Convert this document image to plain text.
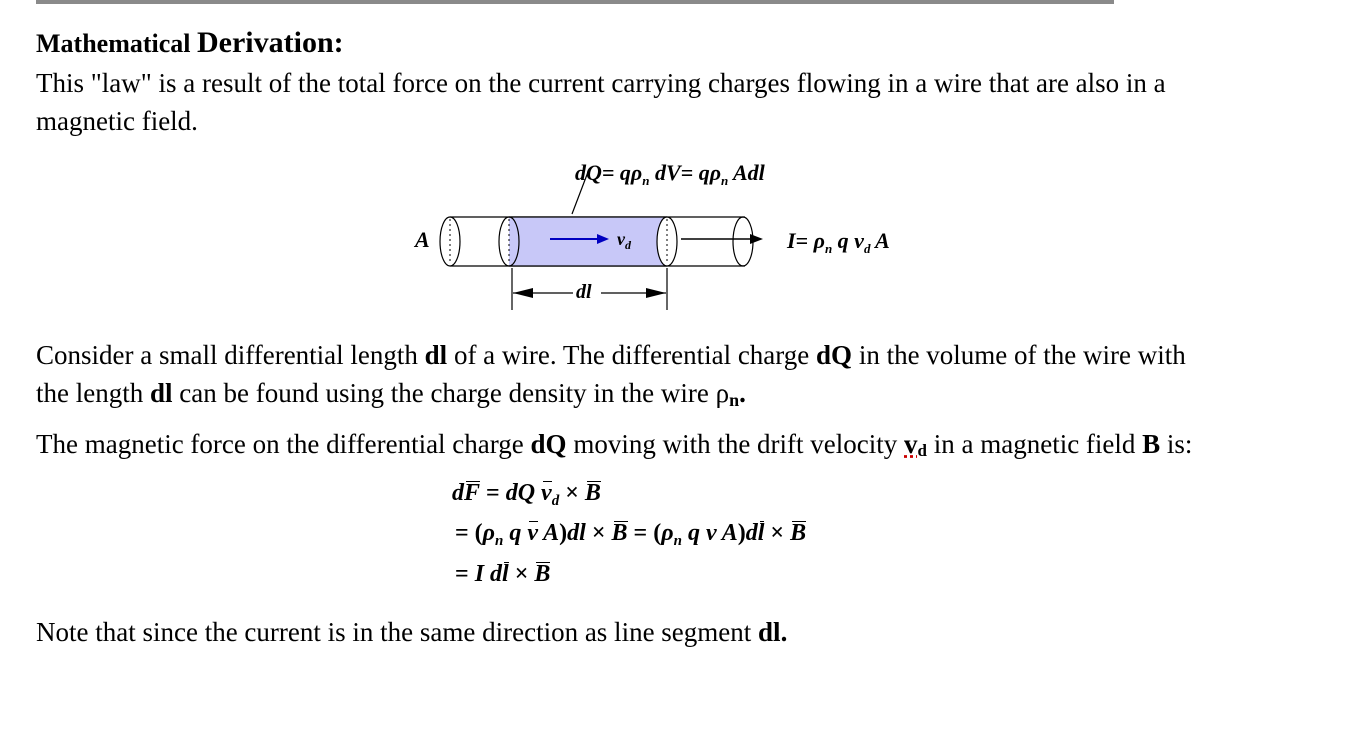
Mathematical Derivation:
This "law" is a result of the total force on the current carrying charges flowing in a wire that are also in a
magnetic field.
$dQ= q\rho_n$ $dV= q\rho_n$ Adl
A	$v_d$	$I= \rho_n$ q $v_d$ A
dl
Consider a small differential length dl of a wire. The differential charge dQ in the volume of the wire with
the length dl can be found using the charge density in the wire ρn.
The magnetic force on the differential charge dQ moving with the drift velocity $v_d$ in a magnetic field B is:
dF = dQ $v_d \times B$
= ($\rho_n$ q v $A)dl \times B = (\rho_n$ q v A)dl × B
= I dl × B
Note that since the current is in the same direction as line segment dl.
